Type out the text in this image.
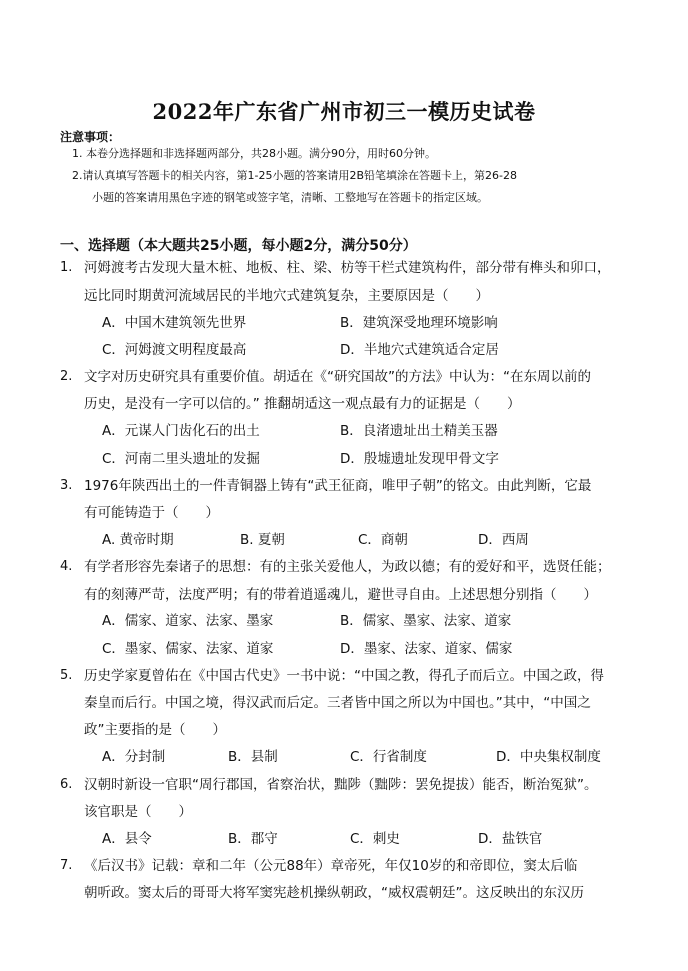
2022年广东省广州市初三一模历史试卷
注意事项：
1. 本卷分选择题和非选择题两部分，共28小题。满分90分，用时60分钟。
2.请认真填写答题卡的相关内容，第1-25小题的答案请用2B铅笔填涂在答题卡上，第26-28
小题的答案请用黑色字迹的钢笔或签字笔，清晰、工整地写在答题卡的指定区域。
一、选择题（本大题共25小题，每小题2分，满分50分）
1. 河姆渡考古发现大量木桩、地板、柱、梁、枋等干栏式建筑构件，部分带有榫头和卯口，
远比同时期黄河流域居民的半地穴式建筑复杂，主要原因是（　　）
A．中国木建筑领先世界	B．建筑深受地理环境影响
C．河姆渡文明程度最高	D．半地穴式建筑适合定居
2. 文字对历史研究具有重要价值。胡适在《“研究国故”的方法》中认为：“在东周以前的
历史，是没有一字可以信的。” 推翻胡适这一观点最有力的证据是（　　）
A．元谋人门齿化石的出土	B．良渚遗址出土精美玉器
C．河南二里头遗址的发掘	D．殷墟遗址发现甲骨文字
3. 1976年陕西出土的一件青铜器上铸有“武王征商，唯甲子朝”的铭文。由此判断，它最
有可能铸造于（　　）
A. 黄帝时期	B. 夏朝	C．商朝	D．西周
4. 有学者形容先秦诸子的思想：有的主张关爱他人，为政以德；有的爱好和平，选贤任能；
有的刻薄严苛，法度严明；有的带着逍遥魂儿，避世寻自由。上述思想分别指（　　）
A．儒家、道家、法家、墨家	B．儒家、墨家、法家、道家
C．墨家、儒家、法家、道家	D．墨家、法家、道家、儒家
5. 历史学家夏曾佑在《中国古代史》一书中说：“中国之教，得孔子而后立。中国之政，得
秦皇而后行。中国之境，得汉武而后定。三者皆中国之所以为中国也。”其中，“中国之
政”主要指的是（　　）
A．分封制	B．县制	C．行省制度	D．中央集权制度
6. 汉朝时新设一官职“周行郡国，省察治状，黜陟（黜陟：罢免提拔）能否，断治冤狱”。
该官职是（　　）
A．县令	B．郡守	C．刺史	D．盐铁官
7. 《后汉书》记载：章和二年（公元88年）章帝死，年仅10岁的和帝即位，窦太后临
朝听政。窦太后的哥哥大将军窦宪趁机操纵朝政，“威权震朝廷”。这反映出的东汉历
